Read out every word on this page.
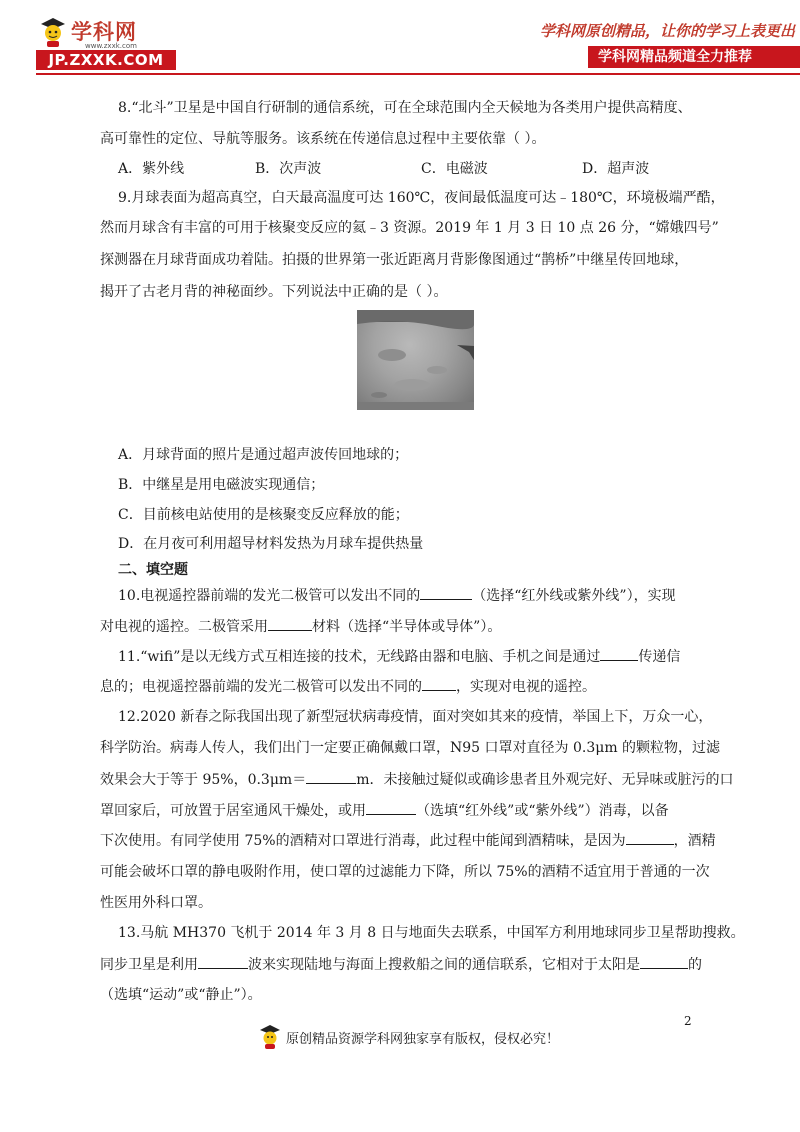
学科网
www.zxxk.com
JP.ZXXK.COM
学科网原创精品，让你的学习上表更出
学科网精品频道全力推荐
8.“北斗”卫星是中国自行研制的通信系统，可在全球范围内全天候地为各类用户提供高精度、
高可靠性的定位、导航等服务。该系统在传递信息过程中主要依靠（ ）。
A．紫外线	B．次声波	C．电磁波	D．超声波
9.月球表面为超高真空，白天最高温度可达 160℃，夜间最低温度可达﹣180℃，环境极端严酷，
然而月球含有丰富的可用于核聚变反应的氦﹣3 资源。2019 年 1 月 3 日 10 点 26 分，“嫦娥四号”
探测器在月球背面成功着陆。拍摄的世界第一张近距离月背影像图通过“鹊桥”中继星传回地球，
揭开了古老月背的神秘面纱。下列说法中正确的是（ ）。
A．月球背面的照片是通过超声波传回地球的；
B．中继星是用电磁波实现通信；
C．目前核电站使用的是核聚变反应释放的能；
D．在月夜可利用超导材料发热为月球车提供热量
二、填空题
10.电视遥控器前端的发光二极管可以发出不同的	（选择“红外线或紫外线”），实现
对电视的遥控。二极管采用	材料（选择“半导体或导体”）。
11.“wifi”是以无线方式互相连接的技术，无线路由器和电脑、手机之间是通过	传递信
息的；电视遥控器前端的发光二极管可以发出不同的 ，实现对电视的遥控。
12.2020 新春之际我国出现了新型冠状病毒疫情，面对突如其来的疫情，举国上下，万众一心，
科学防治。病毒人传人，我们出门一定要正确佩戴口罩，N95 口罩对直径为 0.3μm 的颗粒物，过滤
效果会大于等于 95%，0.3μm＝	m．未接触过疑似或确诊患者且外观完好、无异味或脏污的口
罩回家后，可放置于居室通风干燥处，或用	（选填“红外线”或“紫外线”）消毒，以备
下次使用。有同学使用 75%的酒精对口罩进行消毒，此过程中能闻到酒精味，是因为	，酒精
可能会破坏口罩的静电吸附作用，使口罩的过滤能力下降，所以 75%的酒精不适宜用于普通的一次
性医用外科口罩。
13.马航 MH370 飞机于 2014 年 3 月 8 日与地面失去联系，中国军方利用地球同步卫星帮助搜救。
同步卫星是利用	波来实现陆地与海面上搜救船之间的通信联系，它相对于太阳是	的
（选填“运动”或“静止”）。
2
原创精品资源学科网独家享有版权，侵权必究！
